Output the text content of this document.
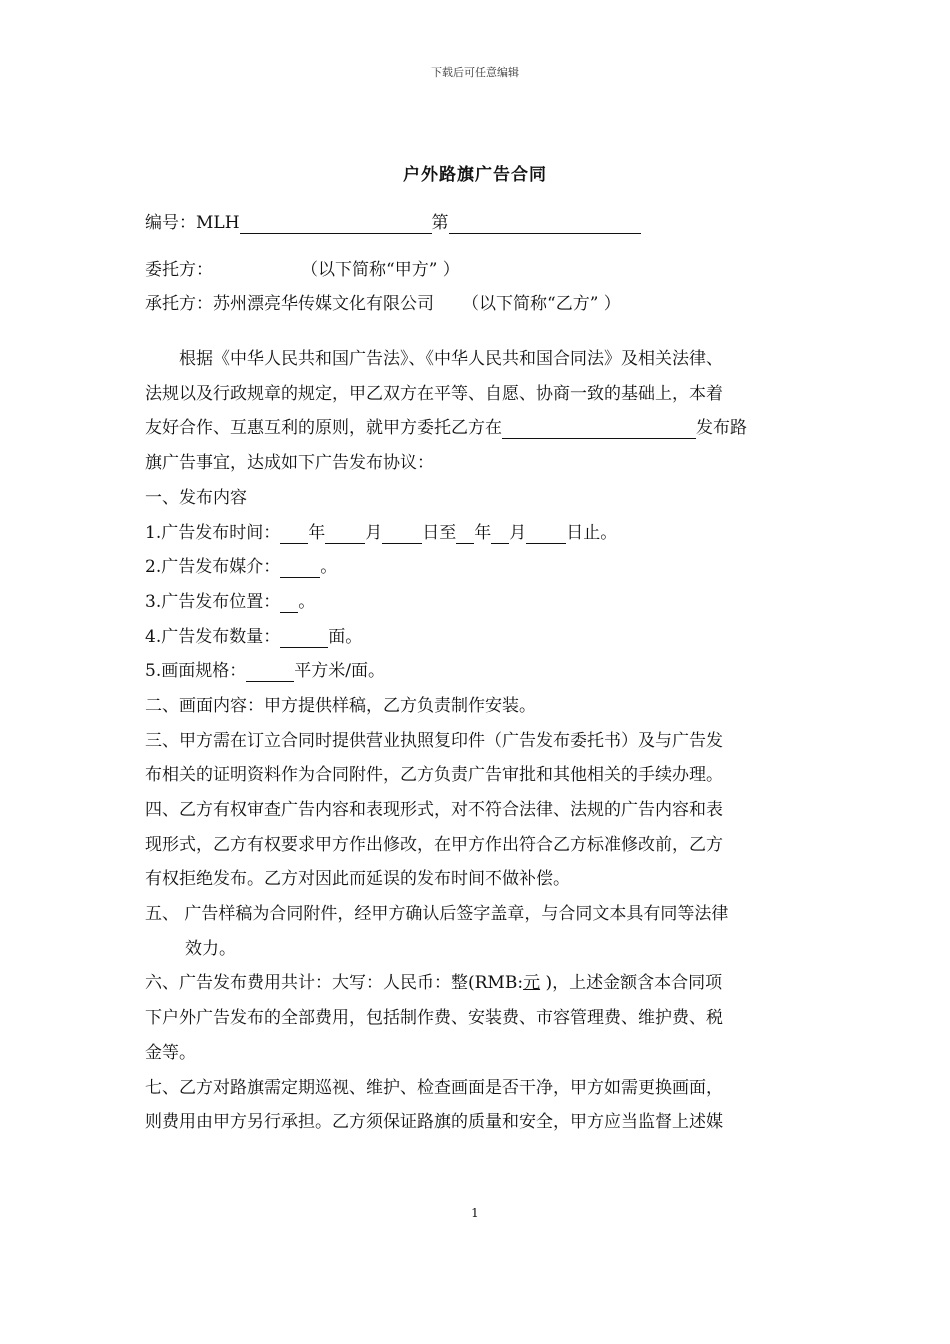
下载后可任意编辑
户外路旗广告合同
编号：MLH	第
委托方：	（以下简称“甲方” ）
承托方：苏州漂亮华传媒文化有限公司 （以下简称“乙方” ）
根据《中华人民共和国广告法》、《中华人民共和国合同法》及相关法律、
法规以及行政规章的规定，甲乙双方在平等、自愿、协商一致的基础上，本着
友好合作、互惠互利的原则，就甲方委托乙方在	发布路
旗广告事宜，达成如下广告发布协议：
一、发布内容
1.广告发布时间： 年 月 日至 年 月 日止。
2.广告发布媒介： 。
3.广告发布位置： 。
4.广告发布数量：	面。
5.画面规格：	平方米/面。
二、画面内容：甲方提供样稿，乙方负责制作安装。
三、甲方需在订立合同时提供营业执照复印件（广告发布委托书）及与广告发
布相关的证明资料作为合同附件，乙方负责广告审批和其他相关的手续办理。
四、乙方有权审查广告内容和表现形式，对不符合法律、法规的广告内容和表
现形式，乙方有权要求甲方作出修改，在甲方作出符合乙方标准修改前，乙方
有权拒绝发布。乙方对因此而延误的发布时间不做补偿。
五、 广告样稿为合同附件，经甲方确认后签字盖章，与合同文本具有同等法律
效力。
六、广告发布费用共计：大写：人民币：整(RMB:元 )，上述金额含本合同项
下户外广告发布的全部费用，包括制作费、安装费、市容管理费、维护费、税
金等。
七、乙方对路旗需定期巡视、维护、检查画面是否干净，甲方如需更换画面，
则费用由甲方另行承担。乙方须保证路旗的质量和安全，甲方应当监督上述媒
1
